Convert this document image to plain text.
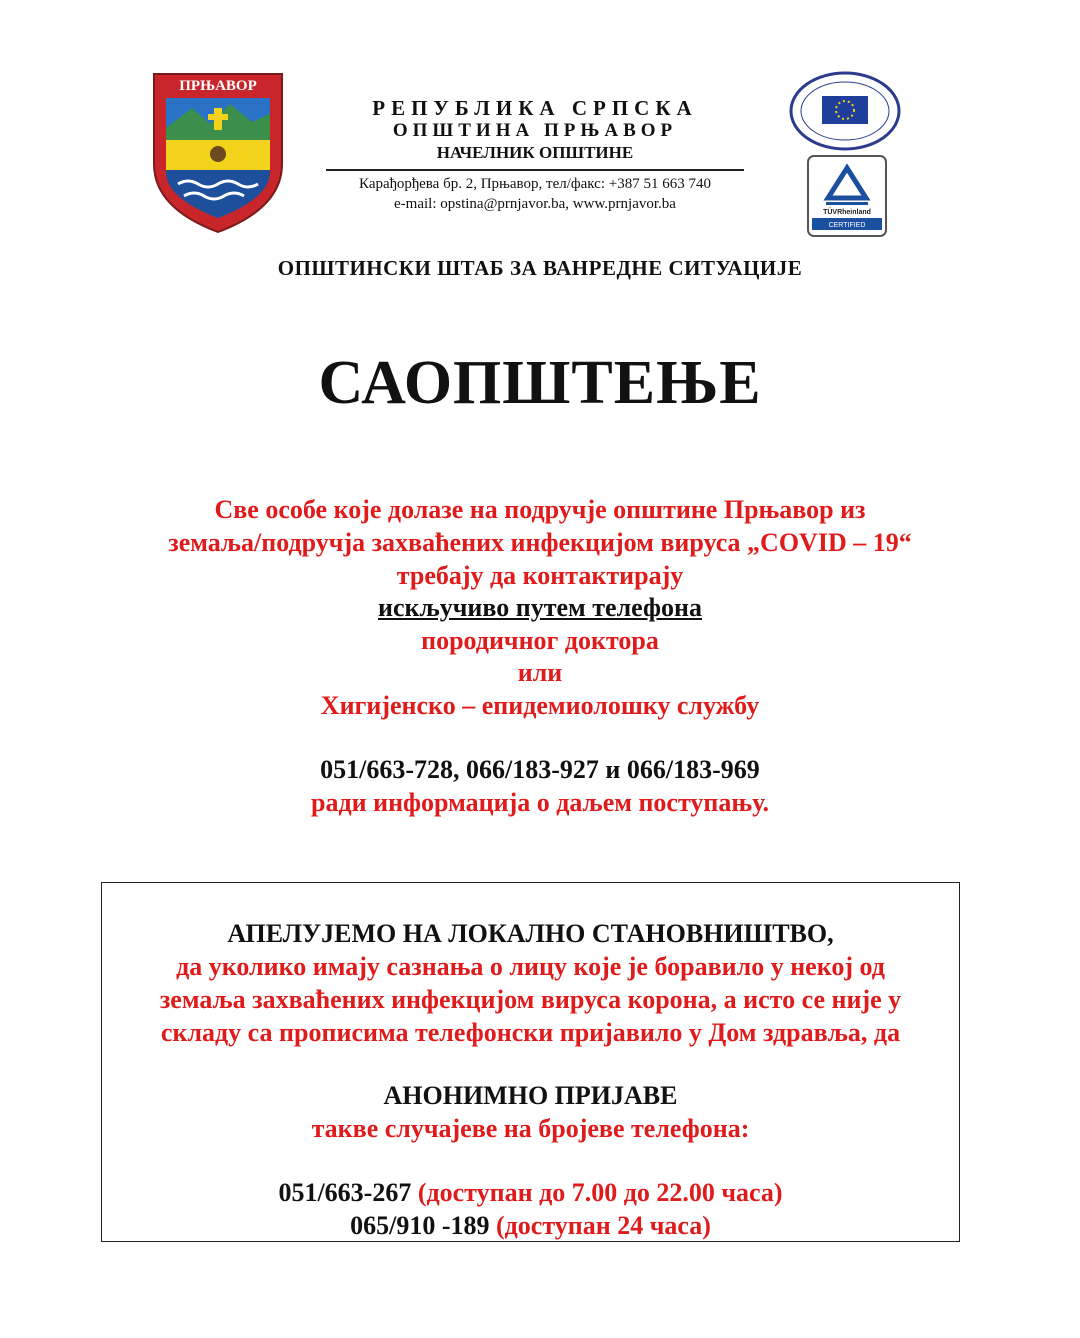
ПРЊАВОР
РЕПУБЛИКА СРПСКА
ОПШТИНА ПРЊАВОР
НАЧЕЛНИК ОПШТИНЕ
Карађорђева бр. 2, Прњавор, тел/факс: +387 51 663 740
e-mail: opstina@prnjavor.ba, www.prnjavor.ba
TÜVRheinland
CERTIFIED
ОПШТИНСКИ ШТАБ ЗА ВАНРЕДНЕ СИТУАЦИЈЕ
САОПШТЕЊЕ
Све особе које долазе на подручје општине Прњавор из
земаља/подручја захваћених инфекцијом вируса „COVID – 19“
требају да контактирају
искључиво путем телефона
породичног доктора
или
Хигијенско – епидемиолошку службу
051/663-728, 066/183-927 и 066/183-969
ради информација о даљем поступању.
АПЕЛУЈЕМО НА ЛОКАЛНО СТАНОВНИШТВО,
да уколико имају сазнања о лицу које је боравило у некој од
земаља захваћених инфекцијом вируса корона, а исто се није у
складу са прописима телефонски пријавило у Дом здравља, да
АНОНИМНО ПРИЈАВЕ
такве случајеве на бројеве телефона:
051/663-267 (доступан до 7.00 до 22.00 часа)
065/910 -189 (доступан 24 часа)
